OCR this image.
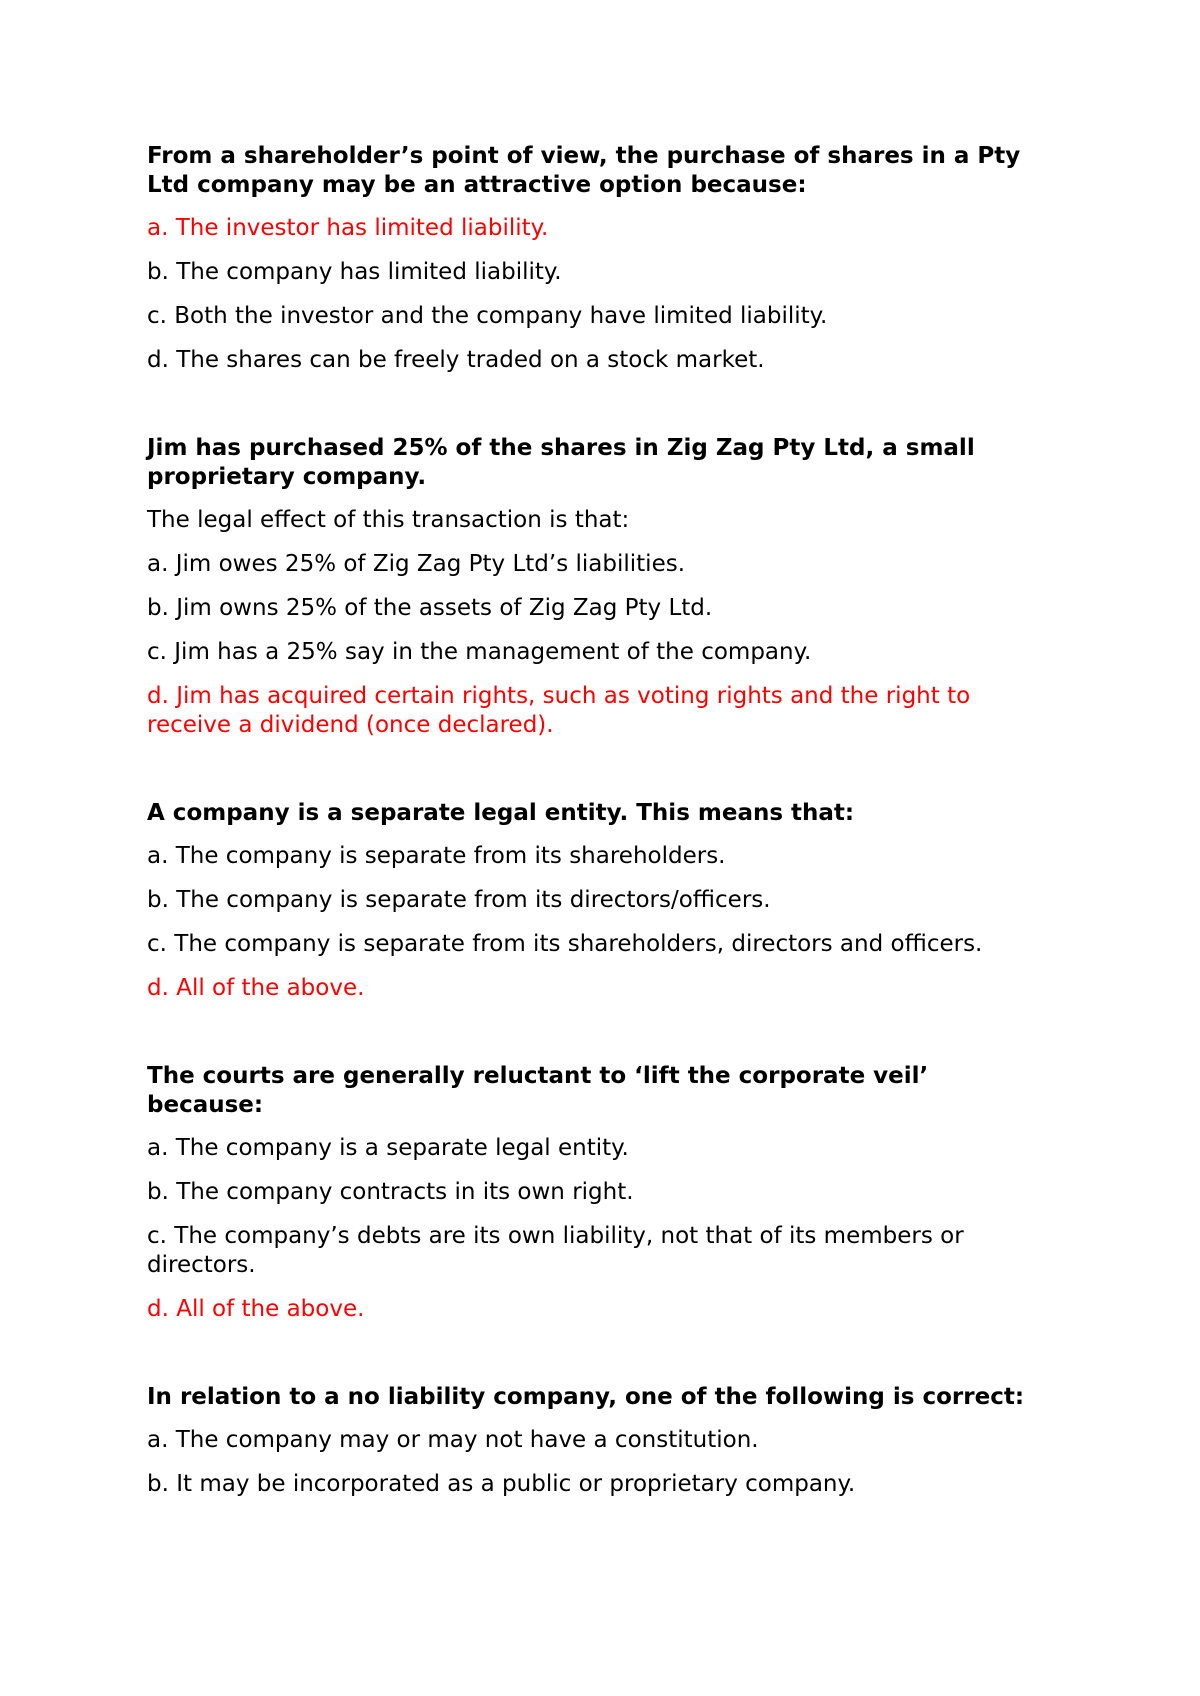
From a shareholder’s point of view, the purchase of shares in a Pty Ltd company may be an attractive option because:

a. The investor has limited liability.

b. The company has limited liability.

c. Both the investor and the company have limited liability.

d. The shares can be freely traded on a stock market.

Jim has purchased 25% of the shares in Zig Zag Pty Ltd, a small proprietary company.

The legal effect of this transaction is that:

a. Jim owes 25% of Zig Zag Pty Ltd’s liabilities.

b. Jim owns 25% of the assets of Zig Zag Pty Ltd.

c. Jim has a 25% say in the management of the company.

d. Jim has acquired certain rights, such as voting rights and the right to receive a dividend (once declared).

A company is a separate legal entity. This means that:

a. The company is separate from its shareholders.

b. The company is separate from its directors/officers.

c. The company is separate from its shareholders, directors and officers.

d. All of the above.

The courts are generally reluctant to ‘lift the corporate veil’ because:

a. The company is a separate legal entity.

b. The company contracts in its own right.

c. The company’s debts are its own liability, not that of its members or directors.

d. All of the above.

In relation to a no liability company, one of the following is correct:

a. The company may or may not have a constitution.

b. It may be incorporated as a public or proprietary company.
